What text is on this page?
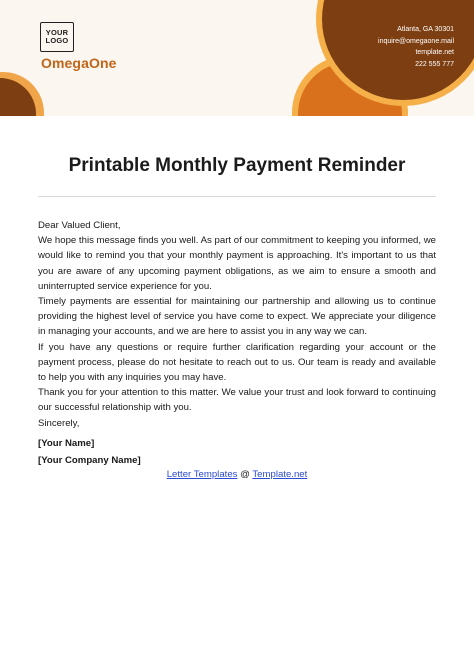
YOUR
LOGO
OmegaOne
Atlanta, GA 30301
inquire@omegaone.mail
template.net
222 555 777
Printable Monthly Payment Reminder

Dear Valued Client,

We hope this message finds you well. As part of our commitment to keeping you informed, we would like to remind you that your monthly payment is approaching. It's important to us that you are aware of any upcoming payment obligations, as we aim to ensure a smooth and uninterrupted service experience for you.

Timely payments are essential for maintaining our partnership and allowing us to continue providing the highest level of service you have come to expect. We appreciate your diligence in managing your accounts, and we are here to assist you in any way we can.

If you have any questions or require further clarification regarding your account or the payment process, please do not hesitate to reach out to us. Our team is ready and available to help you with any inquiries you may have.

Thank you for your attention to this matter. We value your trust and look forward to continuing our successful relationship with you.

Sincerely,

[Your Name]
[Your Company Name]
Letter Templates @ Template.net
